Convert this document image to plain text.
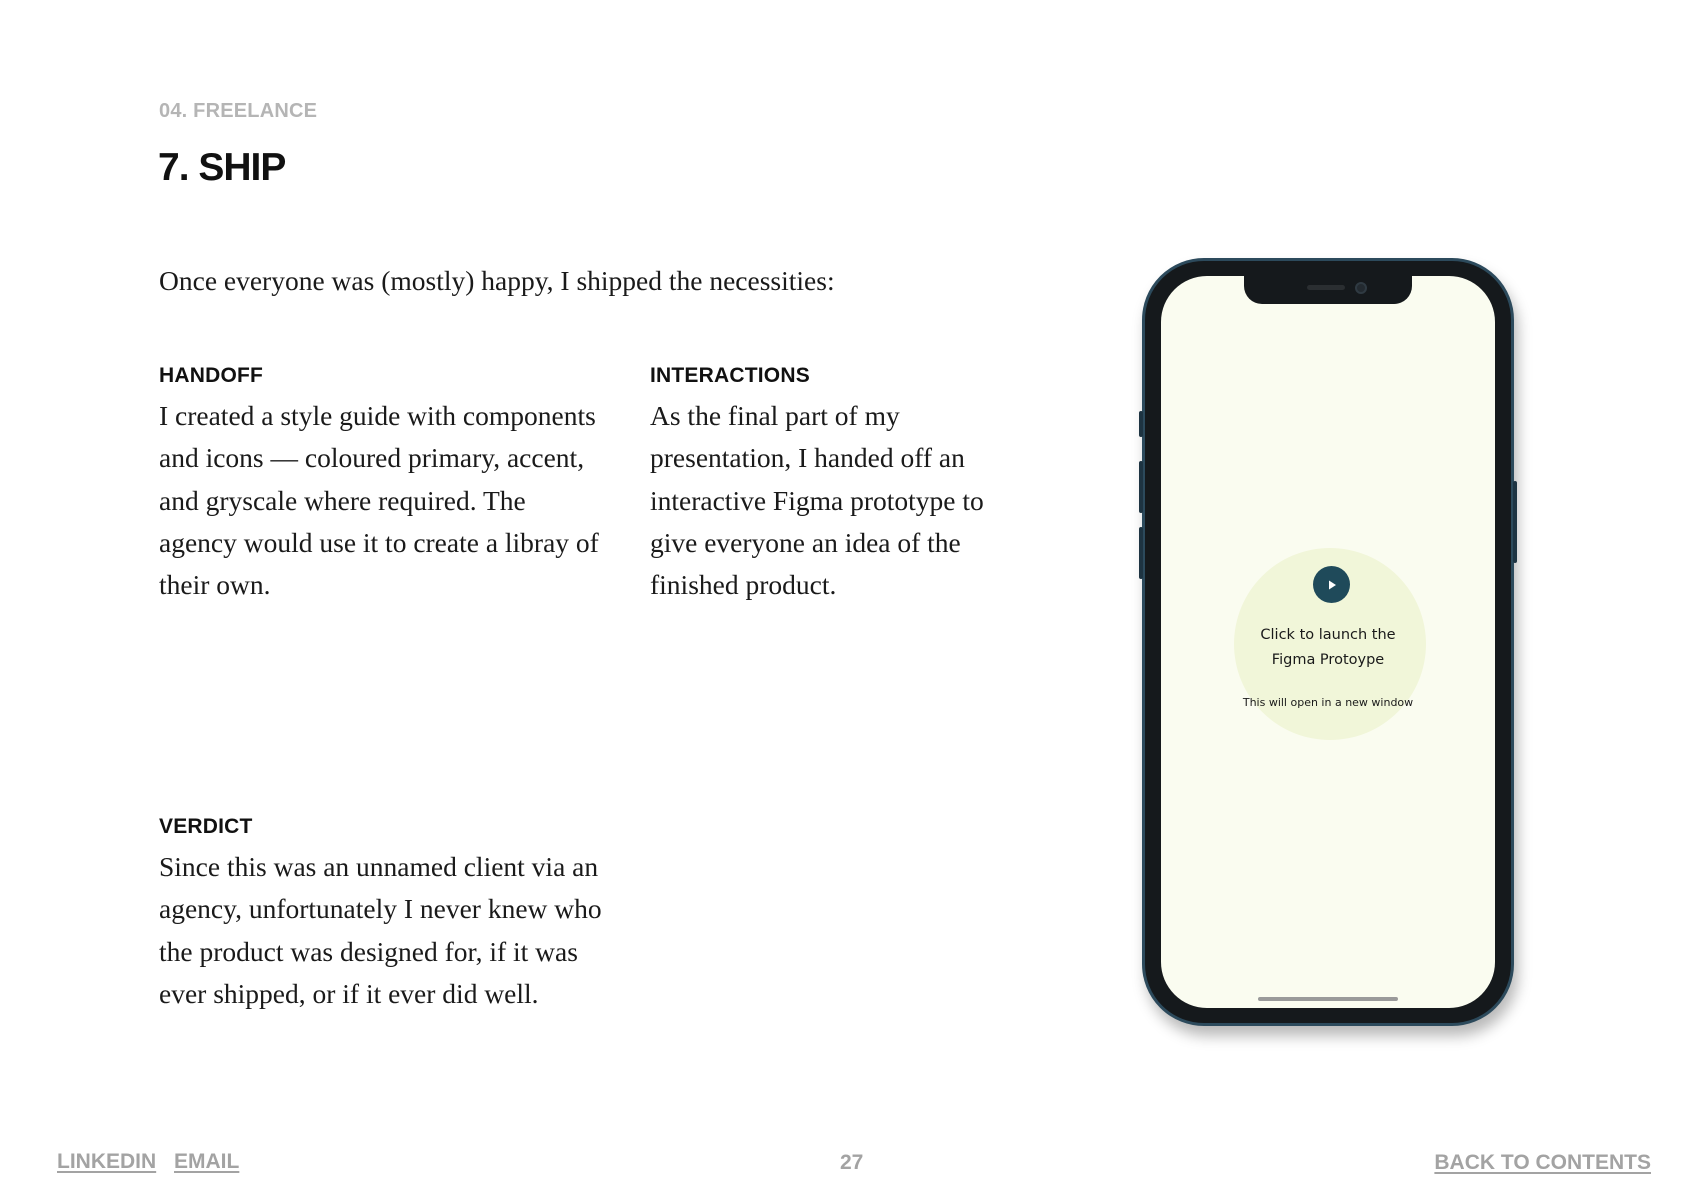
04. FREELANCE
7. SHIP

Once everyone was (mostly) happy, I shipped the necessities:

HANDOFF

I created a style guide with components and icons — coloured primary, accent, and gryscale where required. The agency would use it to create a libray of their own.

INTERACTIONS

As the final part of my presentation, I handed off an interactive Figma prototype to give everyone an idea of the finished product.

VERDICT

Since this was an unnamed client via an agency, unfortunately I never knew who the product was designed for, if it was ever shipped, or if it ever did well.

Click to launch the Figma Protoype
This will open in a new window
LINKEDIN EMAIL	27	BACK TO CONTENTS
